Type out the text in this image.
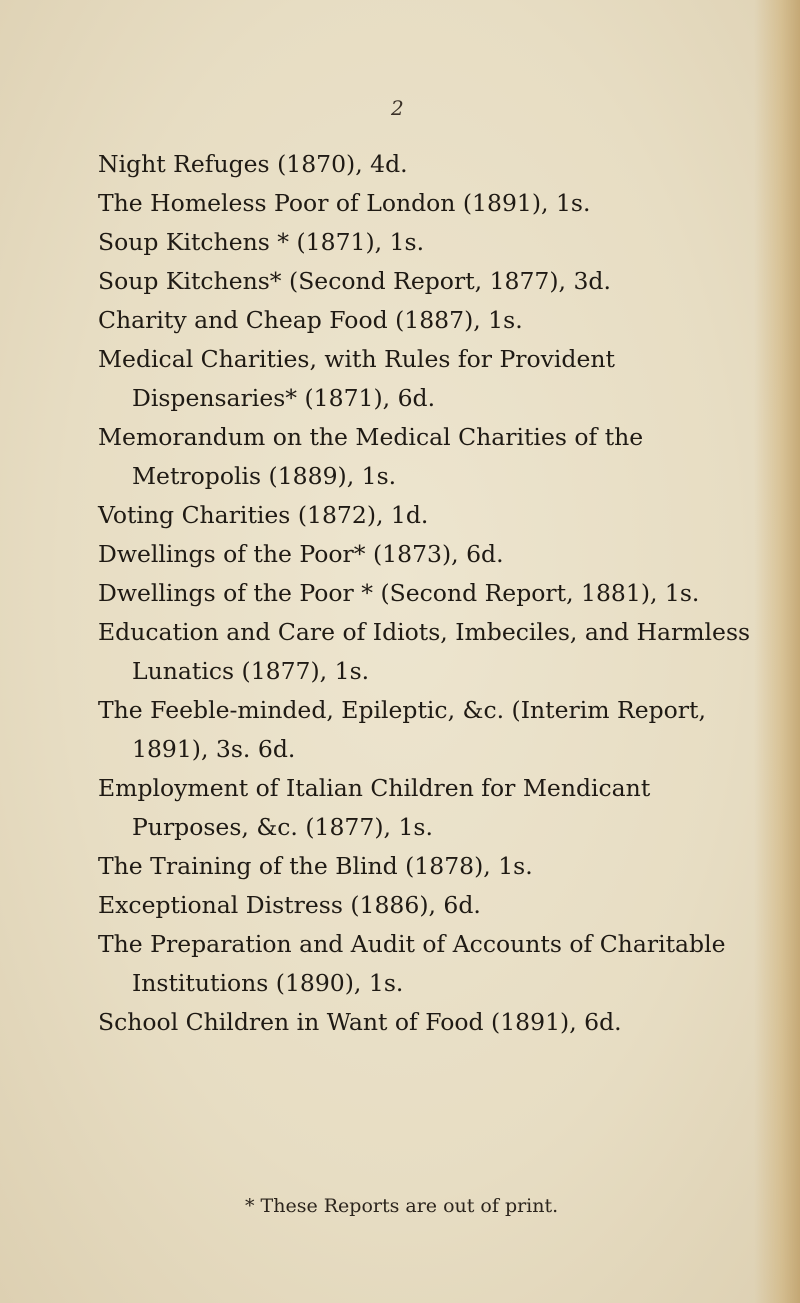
2
Night Refuges (1870), 4d.
The Homeless Poor of London (1891), 1s.
Soup Kitchens * (1871), 1s.
Soup Kitchens* (Second Report, 1877), 3d.
Charity and Cheap Food (1887), 1s.
Medical Charities, with Rules for Provident Dispensaries* (1871), 6d.
Memorandum on the Medical Charities of the Metropolis (1889), 1s.
Voting Charities (1872), 1d.
Dwellings of the Poor* (1873), 6d.
Dwellings of the Poor * (Second Report, 1881), 1s.
Education and Care of Idiots, Imbeciles, and Harmless Lunatics (1877), 1s.
The Feeble-minded, Epileptic, &c. (Interim Report, 1891), 3s. 6d.
Employment of Italian Children for Mendicant Purposes, &c. (1877), 1s.
The Training of the Blind (1878), 1s.
Exceptional Distress (1886), 6d.
The Preparation and Audit of Accounts of Charitable Institutions (1890), 1s.
School Children in Want of Food (1891), 6d.
* These Reports are out of print.
